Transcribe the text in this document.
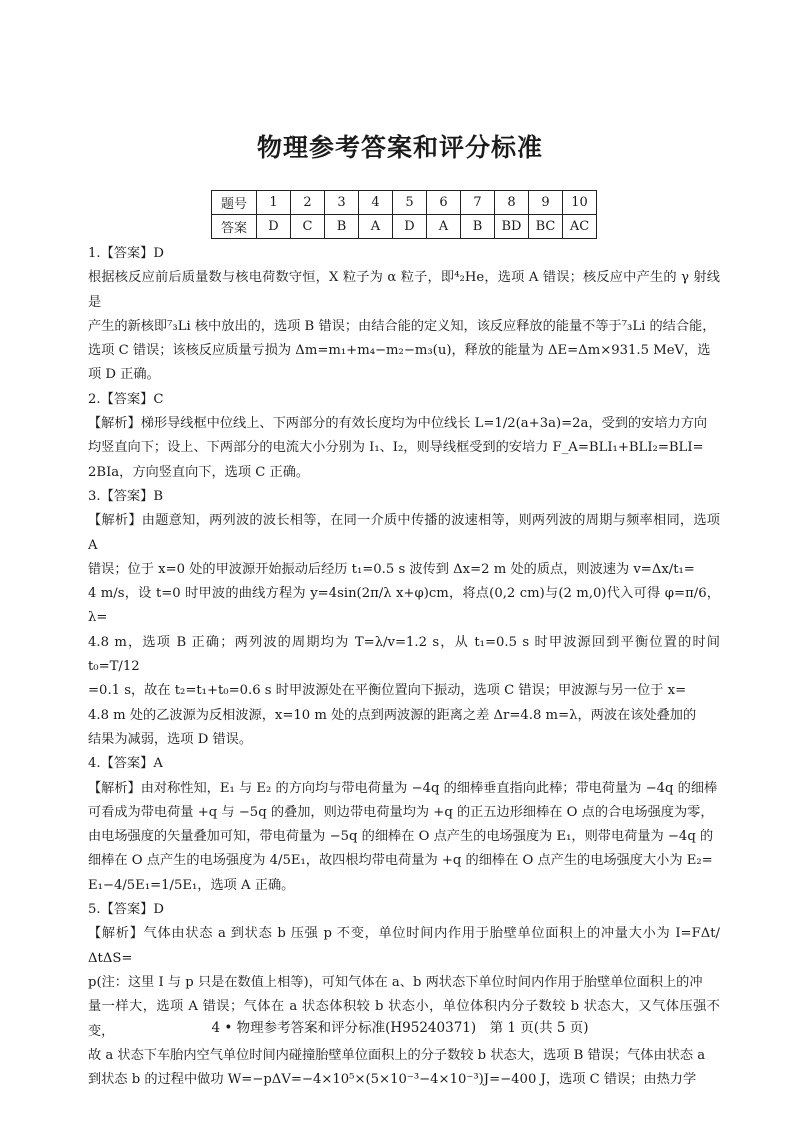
物理参考答案和评分标准
题号	1	2	3	4	5	6	7	8	9	10
答案	D	C	B	A	D	A	B	BD	BC	AC

1.【答案】D

根据核反应前后质量数与核电荷数守恒，X 粒子为 α 粒子，即⁴₂He，选项 A 错误；核反应中产生的 γ 射线是

产生的新核即⁷₃Li 核中放出的，选项 B 错误；由结合能的定义知，该反应释放的能量不等于⁷₃Li 的结合能，

选项 C 错误；该核反应质量亏损为 Δm=m₁+m₄−m₂−m₃(u)，释放的能量为 ΔE=Δm×931.5 MeV，选

项 D 正确。

2.【答案】C

【解析】梯形导线框中位线上、下两部分的有效长度均为中位线长 L=1/2(a+3a)=2a，受到的安培力方向

均竖直向下；设上、下两部分的电流大小分别为 I₁、I₂，则导线框受到的安培力 F_A=BLI₁+BLI₂=BLI=

2BIa，方向竖直向下，选项 C 正确。

3.【答案】B

【解析】由题意知，两列波的波长相等，在同一介质中传播的波速相等，则两列波的周期与频率相同，选项 A

错误；位于 x=0 处的甲波源开始振动后经历 t₁=0.5 s 波传到 Δx=2 m 处的质点，则波速为 v=Δx/t₁=

4 m/s，设 t=0 时甲波的曲线方程为 y=4sin(2π/λ x+φ)cm，将点(0,2 cm)与(2 m,0)代入可得 φ=π/6，λ=

4.8 m，选项 B 正确；两列波的周期均为 T=λ/v=1.2 s，从 t₁=0.5 s 时甲波源回到平衡位置的时间 t₀=T/12

=0.1 s，故在 t₂=t₁+t₀=0.6 s 时甲波源处在平衡位置向下振动，选项 C 错误；甲波源与另一位于 x=

4.8 m 处的乙波源为反相波源，x=10 m 处的点到两波源的距离之差 Δr=4.8 m=λ，两波在该处叠加的

结果为减弱，选项 D 错误。

4.【答案】A

【解析】由对称性知，E₁ 与 E₂ 的方向均与带电荷量为 −4q 的细棒垂直指向此棒；带电荷量为 −4q 的细棒

可看成为带电荷量 +q 与 −5q 的叠加，则边带电荷量均为 +q 的正五边形细棒在 O 点的合电场强度为零，

由电场强度的矢量叠加可知，带电荷量为 −5q 的细棒在 O 点产生的电场强度为 E₁，则带电荷量为 −4q 的

细棒在 O 点产生的电场强度为 4/5E₁，故四根均带电荷量为 +q 的细棒在 O 点产生的电场强度大小为 E₂=

E₁−4/5E₁=1/5E₁，选项 A 正确。

5.【答案】D

【解析】气体由状态 a 到状态 b 压强 p 不变，单位时间内作用于胎壁单位面积上的冲量大小为 I=FΔt/ΔtΔS=

p(注：这里 I 与 p 只是在数值上相等)，可知气体在 a、b 两状态下单位时间内作用于胎壁单位面积上的冲

量一样大，选项 A 错误；气体在 a 状态体积较 b 状态小，单位体积内分子数较 b 状态大，又气体压强不变，

故 a 状态下车胎内空气单位时间内碰撞胎壁单位面积上的分子数较 b 状态大，选项 B 错误；气体由状态 a

到状态 b 的过程中做功 W=−pΔV=−4×10⁵×(5×10⁻³−4×10⁻³)J=−400 J，选项 C 错误；由热力学

4 • 物理参考答案和评分标准(H95240371)　第 1 页(共 5 页)
